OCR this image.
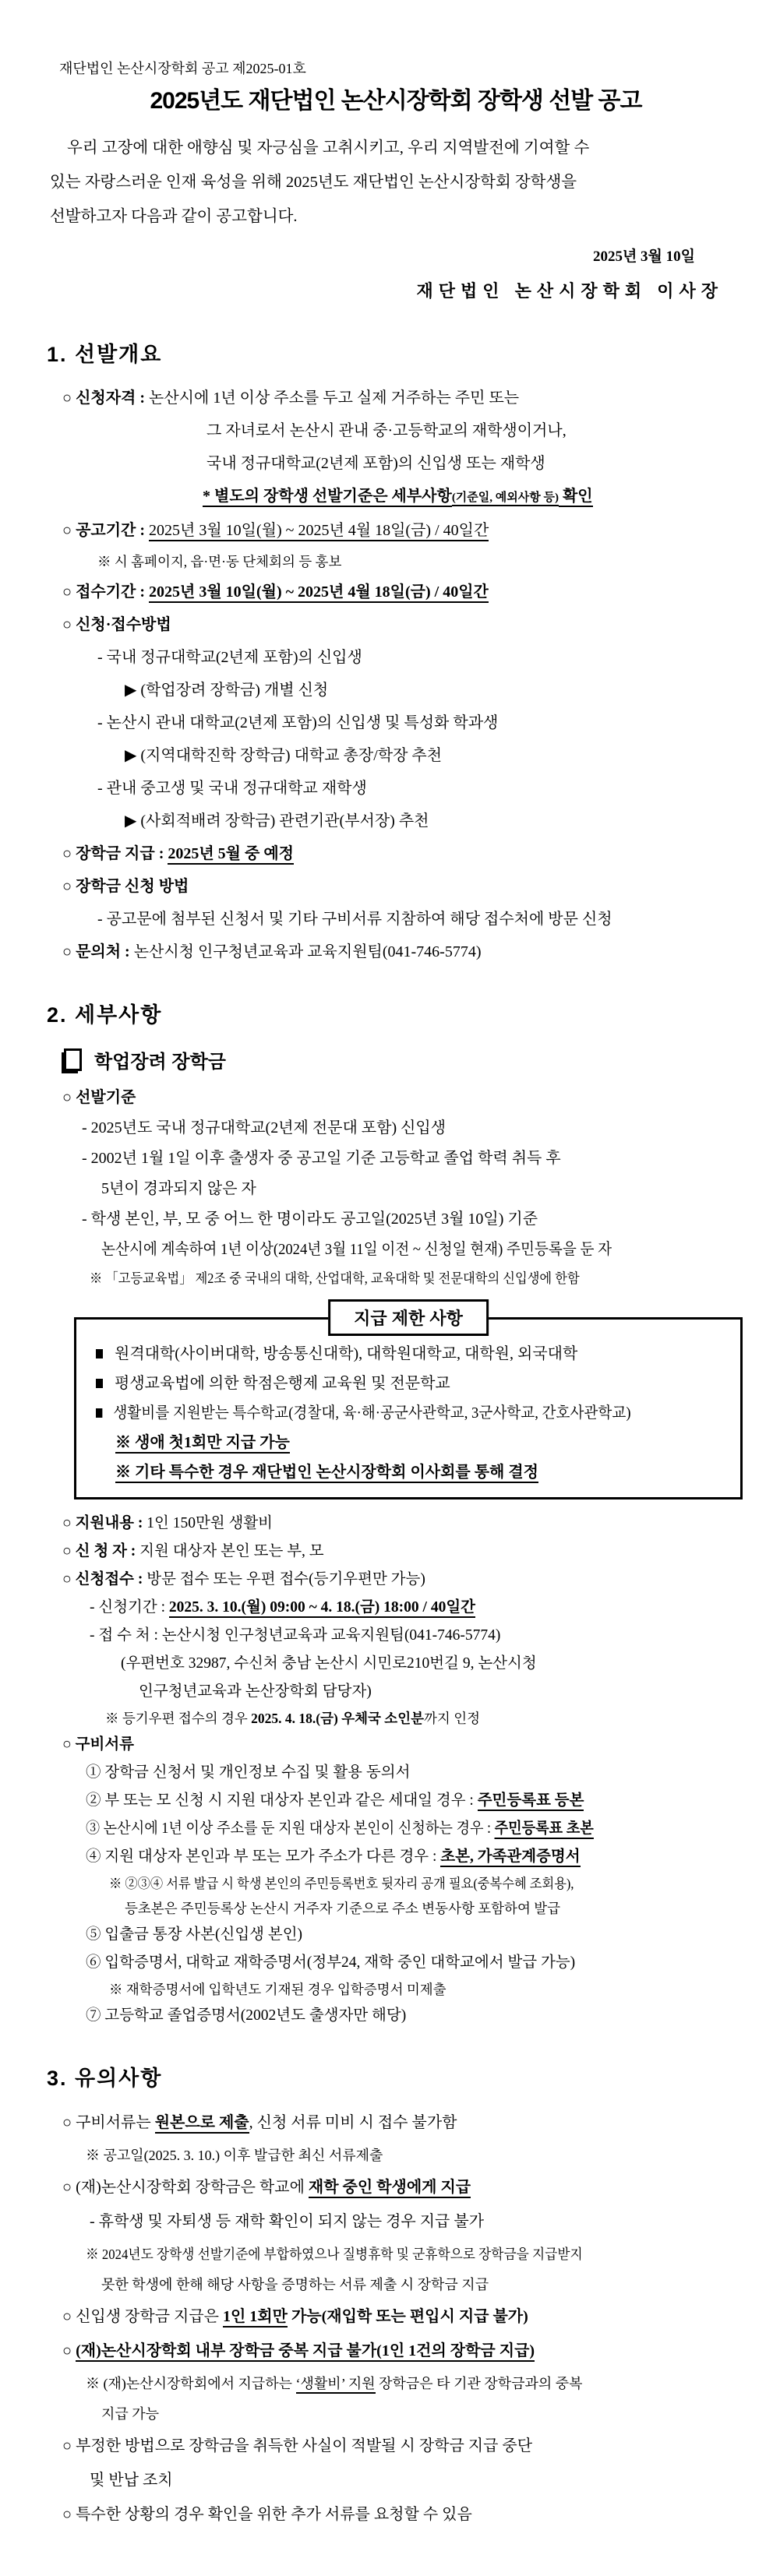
재단법인 논산시장학회 공고 제2025-01호
2025년도 재단법인 논산시장학회 장학생 선발 공고
우리 고장에 대한 애향심 및 자긍심을 고취시키고, 우리 지역발전에 기여할 수
있는 자랑스러운 인재 육성을 위해 2025년도 재단법인 논산시장학회 장학생을
선발하고자 다음과 같이 공고합니다.
2025년 3월 10일
재단법인 논산시장학회 이사장
1. 선발개요
○ 신청자격 : 논산시에 1년 이상 주소를 두고 실제 거주하는 주민 또는
그 자녀로서 논산시 관내 중·고등학교의 재학생이거나,
국내 정규대학교(2년제 포함)의 신입생 또는 재학생
* 별도의 장학생 선발기준은 세부사항(기준일, 예외사항 등) 확인
○ 공고기간 : 2025년 3월 10일(월) ~ 2025년 4월 18일(금) / 40일간
※ 시 홈페이지, 읍·면·동 단체회의 등 홍보
○ 접수기간 : 2025년 3월 10일(월) ~ 2025년 4월 18일(금) / 40일간
○ 신청·접수방법
- 국내 정규대학교(2년제 포함)의 신입생
▶ (학업장려 장학금) 개별 신청
- 논산시 관내 대학교(2년제 포함)의 신입생 및 특성화 학과생
▶ (지역대학진학 장학금) 대학교 총장/학장 추천
- 관내 중고생 및 국내 정규대학교 재학생
▶ (사회적배려 장학금) 관련기관(부서장) 추천
○ 장학금 지급 : 2025년 5월 중 예정
○ 장학금 신청 방법
- 공고문에 첨부된 신청서 및 기타 구비서류 지참하여 해당 접수처에 방문 신청
○ 문의처 : 논산시청 인구청년교육과 교육지원팀(041-746-5774)
2. 세부사항
학업장려 장학금
○ 선발기준
- 2025년도 국내 정규대학교(2년제 전문대 포함) 신입생
- 2002년 1월 1일 이후 출생자 중 공고일 기준 고등학교 졸업 학력 취득 후
5년이 경과되지 않은 자
- 학생 본인, 부, 모 중 어느 한 명이라도 공고일(2025년 3월 10일) 기준
논산시에 계속하여 1년 이상(2024년 3월 11일 이전 ~ 신청일 현재) 주민등록을 둔 자
※ 「고등교육법」 제2조 중 국내의 대학, 산업대학, 교육대학 및 전문대학의 신입생에 한함
지급 제한 사항
원격대학(사이버대학, 방송통신대학), 대학원대학교, 대학원, 외국대학
평생교육법에 의한 학점은행제 교육원 및 전문학교
생활비를 지원받는 특수학교(경찰대, 육·해·공군사관학교, 3군사학교, 간호사관학교)
※ 생애 첫1회만 지급 가능
※ 기타 특수한 경우 재단법인 논산시장학회 이사회를 통해 결정
○ 지원내용 : 1인 150만원 생활비
○ 신 청 자 : 지원 대상자 본인 또는 부, 모
○ 신청접수 : 방문 접수 또는 우편 접수(등기우편만 가능)
- 신청기간 : 2025. 3. 10.(월) 09:00 ~ 4. 18.(금) 18:00 / 40일간
- 접 수 처 : 논산시청 인구청년교육과 교육지원팀(041-746-5774)
(우편번호 32987, 수신처 충남 논산시 시민로210번길 9, 논산시청
인구청년교육과 논산장학회 담당자)
※ 등기우편 접수의 경우 2025. 4. 18.(금) 우체국 소인분까지 인정
○ 구비서류
① 장학금 신청서 및 개인정보 수집 및 활용 동의서
② 부 또는 모 신청 시 지원 대상자 본인과 같은 세대일 경우 : 주민등록표 등본
③ 논산시에 1년 이상 주소를 둔 지원 대상자 본인이 신청하는 경우 : 주민등록표 초본
④ 지원 대상자 본인과 부 또는 모가 주소가 다른 경우 : 초본, 가족관계증명서
※ ②③④ 서류 발급 시 학생 본인의 주민등록번호 뒷자리 공개 필요(중복수혜 조회용),
등초본은 주민등록상 논산시 거주자 기준으로 주소 변동사항 포함하여 발급
⑤ 입출금 통장 사본(신입생 본인)
⑥ 입학증명서, 대학교 재학증명서(정부24, 재학 중인 대학교에서 발급 가능)
※ 재학증명서에 입학년도 기재된 경우 입학증명서 미제출
⑦ 고등학교 졸업증명서(2002년도 출생자만 해당)
3. 유의사항
○ 구비서류는 원본으로 제출, 신청 서류 미비 시 접수 불가함
※ 공고일(2025. 3. 10.) 이후 발급한 최신 서류제출
○ (재)논산시장학회 장학금은 학교에 재학 중인 학생에게 지급
- 휴학생 및 자퇴생 등 재학 확인이 되지 않는 경우 지급 불가
※ 2024년도 장학생 선발기준에 부합하였으나 질병휴학 및 군휴학으로 장학금을 지급받지
못한 학생에 한해 해당 사항을 증명하는 서류 제출 시 장학금 지급
○ 신입생 장학금 지급은 1인 1회만 가능(재입학 또는 편입시 지급 불가)
○ (재)논산시장학회 내부 장학금 중복 지급 불가(1인 1건의 장학금 지급)
※ (재)논산시장학회에서 지급하는 ‘생활비’ 지원 장학금은 타 기관 장학금과의 중복
지급 가능
○ 부정한 방법으로 장학금을 취득한 사실이 적발될 시 장학금 지급 중단
및 반납 조치
○ 특수한 상황의 경우 확인을 위한 추가 서류를 요청할 수 있음
